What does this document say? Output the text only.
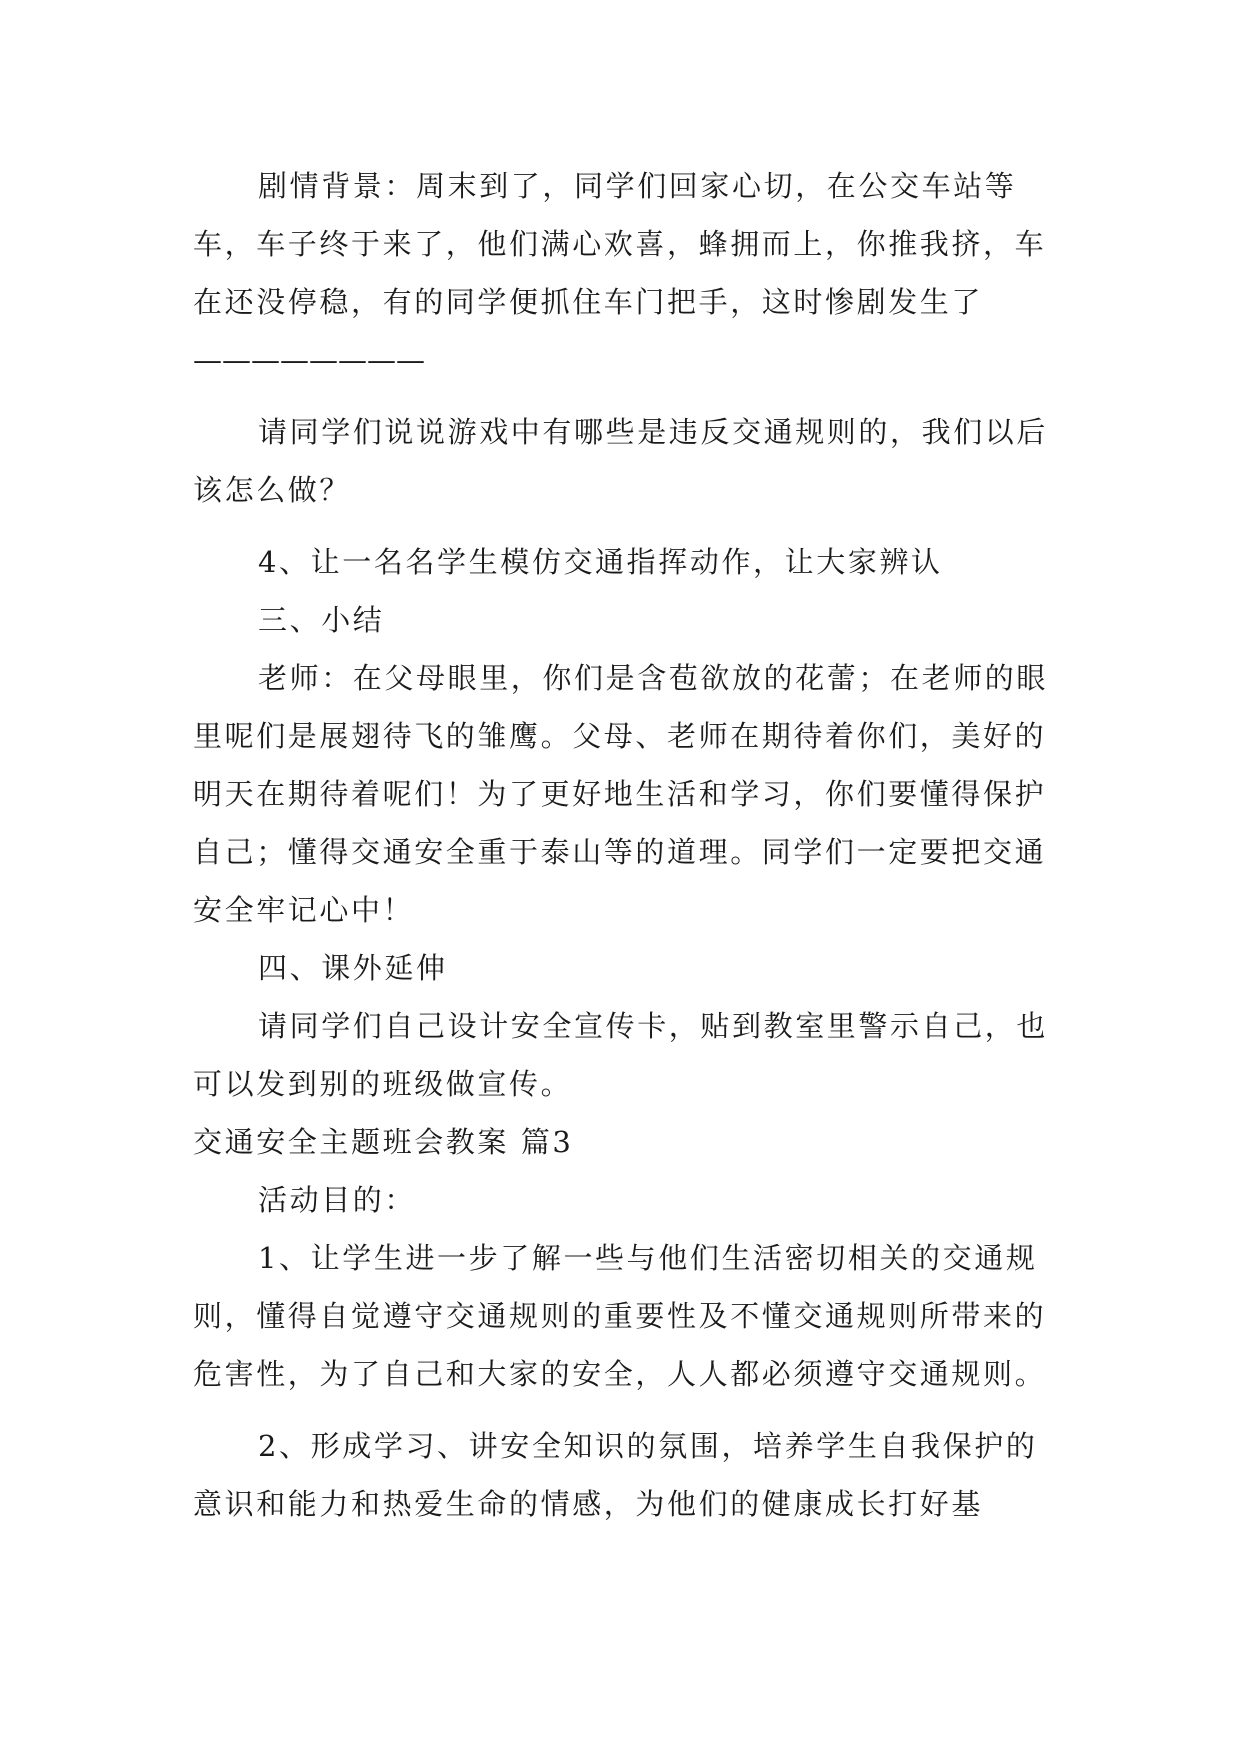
剧情背景：周末到了，同学们回家心切，在公交车站等车，车子终于来了，他们满心欢喜，蜂拥而上，你推我挤，车在还没停稳，有的同学便抓住车门把手，这时惨剧发生了

————————

请同学们说说游戏中有哪些是违反交通规则的，我们以后该怎么做？

4、让一名名学生模仿交通指挥动作，让大家辨认

三、小结

老师：在父母眼里，你们是含苞欲放的花蕾；在老师的眼里呢们是展翅待飞的雏鹰。父母、老师在期待着你们，美好的明天在期待着呢们！为了更好地生活和学习，你们要懂得保护自己；懂得交通安全重于泰山等的道理。同学们一定要把交通安全牢记心中！

四、课外延伸

请同学们自己设计安全宣传卡，贴到教室里警示自己，也可以发到别的班级做宣传。

交通安全主题班会教案 篇3

活动目的：

1、让学生进一步了解一些与他们生活密切相关的交通规则，懂得自觉遵守交通规则的重要性及不懂交通规则所带来的危害性，为了自己和大家的安全，人人都必须遵守交通规则。

2、形成学习、讲安全知识的氛围，培养学生自我保护的意识和能力和热爱生命的情感，为他们的健康成长打好基
